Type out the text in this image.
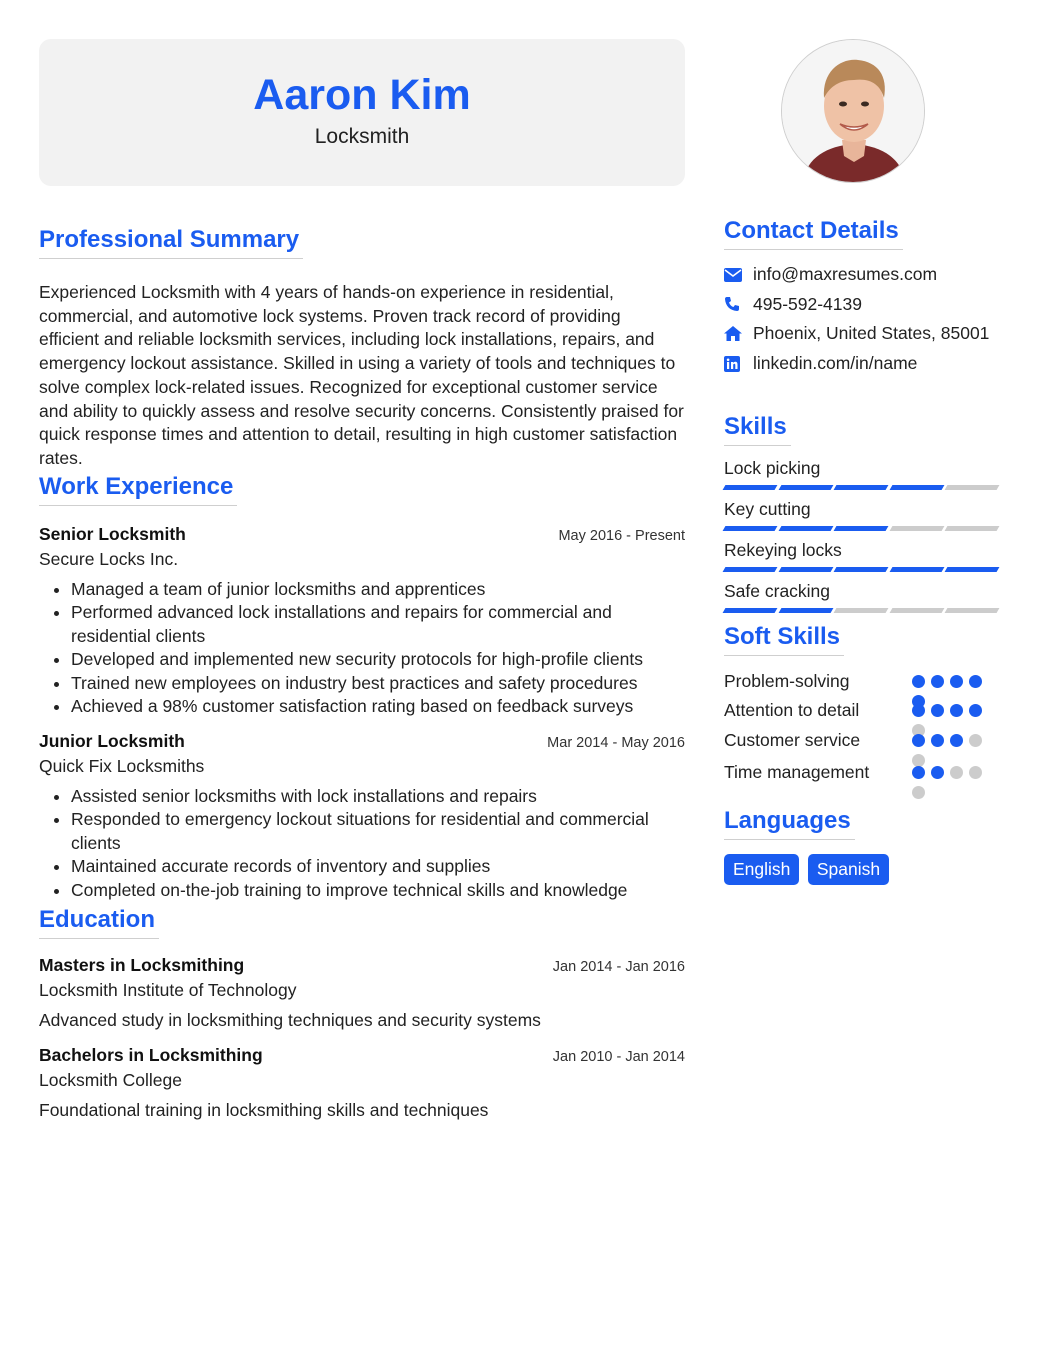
Aaron Kim
Locksmith
Professional Summary

Experienced Locksmith with 4 years of hands-on experience in residential, commercial, and automotive lock systems. Proven track record of providing efficient and reliable locksmith services, including lock installations, repairs, and emergency lockout assistance. Skilled in using a variety of tools and techniques to solve complex lock-related issues. Recognized for exceptional customer service and ability to quickly assess and resolve security concerns. Consistently praised for quick response times and attention to detail, resulting in high customer satisfaction rates.

Work Experience
Senior Locksmith	May 2016 - Present
Secure Locks Inc.
• Managed a team of junior locksmiths and apprentices
• Performed advanced lock installations and repairs for commercial and residential clients
• Developed and implemented new security protocols for high-profile clients
• Trained new employees on industry best practices and safety procedures
• Achieved a 98% customer satisfaction rating based on feedback surveys
Junior Locksmith	Mar 2014 - May 2016
Quick Fix Locksmiths
• Assisted senior locksmiths with lock installations and repairs
• Responded to emergency lockout situations for residential and commercial clients
• Maintained accurate records of inventory and supplies
• Completed on-the-job training to improve technical skills and knowledge
Education
Masters in Locksmithing	Jan 2014 - Jan 2016
Locksmith Institute of Technology
Advanced study in locksmithing techniques and security systems
Bachelors in Locksmithing	Jan 2010 - Jan 2014
Locksmith College
Foundational training in locksmithing skills and techniques
Contact Details
info@maxresumes.com
495-592-4139
Phoenix, United States, 85001
linkedin.com/in/name
Skills
Lock picking
Key cutting
Rekeying locks
Safe cracking
Soft Skills
Problem-solving
Attention to detail
Customer service
Time management
Languages
English Spanish
